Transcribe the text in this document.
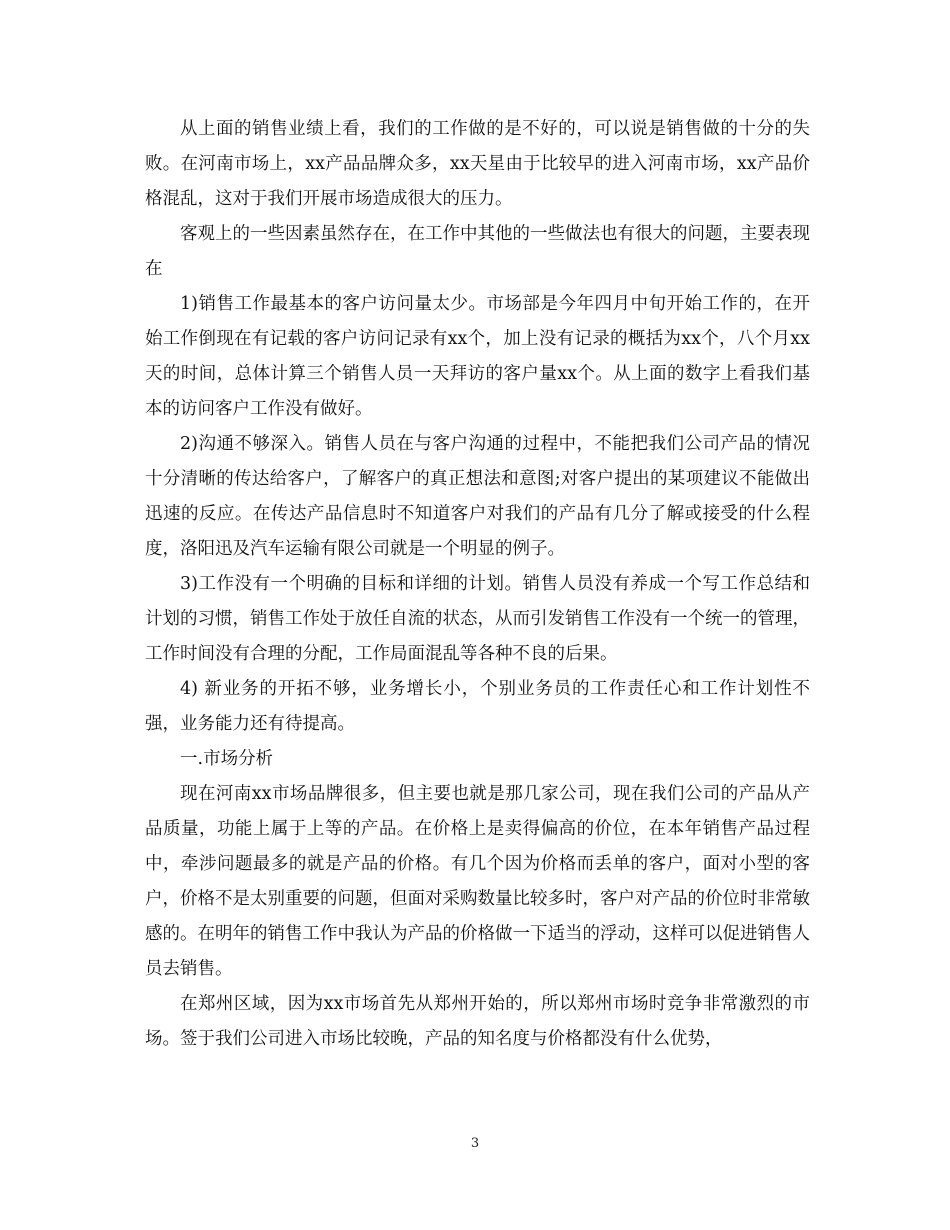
从上面的销售业绩上看，我们的工作做的是不好的，可以说是销售做的十分的失败。在河南市场上，xx产品品牌众多，xx天星由于比较早的进入河南市场，xx产品价格混乱，这对于我们开展市场造成很大的压力。

客观上的一些因素虽然存在，在工作中其他的一些做法也有很大的问题，主要表现在

1)销售工作最基本的客户访问量太少。市场部是今年四月中旬开始工作的，在开始工作倒现在有记载的客户访问记录有xx个，加上没有记录的概括为xx个，八个月xx天的时间，总体计算三个销售人员一天拜访的客户量xx个。从上面的数字上看我们基本的访问客户工作没有做好。

2)沟通不够深入。销售人员在与客户沟通的过程中，不能把我们公司产品的情况十分清晰的传达给客户，了解客户的真正想法和意图;对客户提出的某项建议不能做出迅速的反应。在传达产品信息时不知道客户对我们的产品有几分了解或接受的什么程度，洛阳迅及汽车运输有限公司就是一个明显的例子。

3)工作没有一个明确的目标和详细的计划。销售人员没有养成一个写工作总结和计划的习惯，销售工作处于放任自流的状态，从而引发销售工作没有一个统一的管理，工作时间没有合理的分配，工作局面混乱等各种不良的后果。

4) 新业务的开拓不够，业务增长小，个别业务员的工作责任心和工作计划性不强，业务能力还有待提高。

一.市场分析

现在河南xx市场品牌很多，但主要也就是那几家公司，现在我们公司的产品从产品质量，功能上属于上等的产品。在价格上是卖得偏高的价位，在本年销售产品过程中，牵涉问题最多的就是产品的价格。有几个因为价格而丢单的客户，面对小型的客户，价格不是太别重要的问题，但面对采购数量比较多时，客户对产品的价位时非常敏感的。在明年的销售工作中我认为产品的价格做一下适当的浮动，这样可以促进销售人员去销售。

在郑州区域，因为xx市场首先从郑州开始的，所以郑州市场时竞争非常激烈的市场。签于我们公司进入市场比较晚，产品的知名度与价格都没有什么优势，

3
